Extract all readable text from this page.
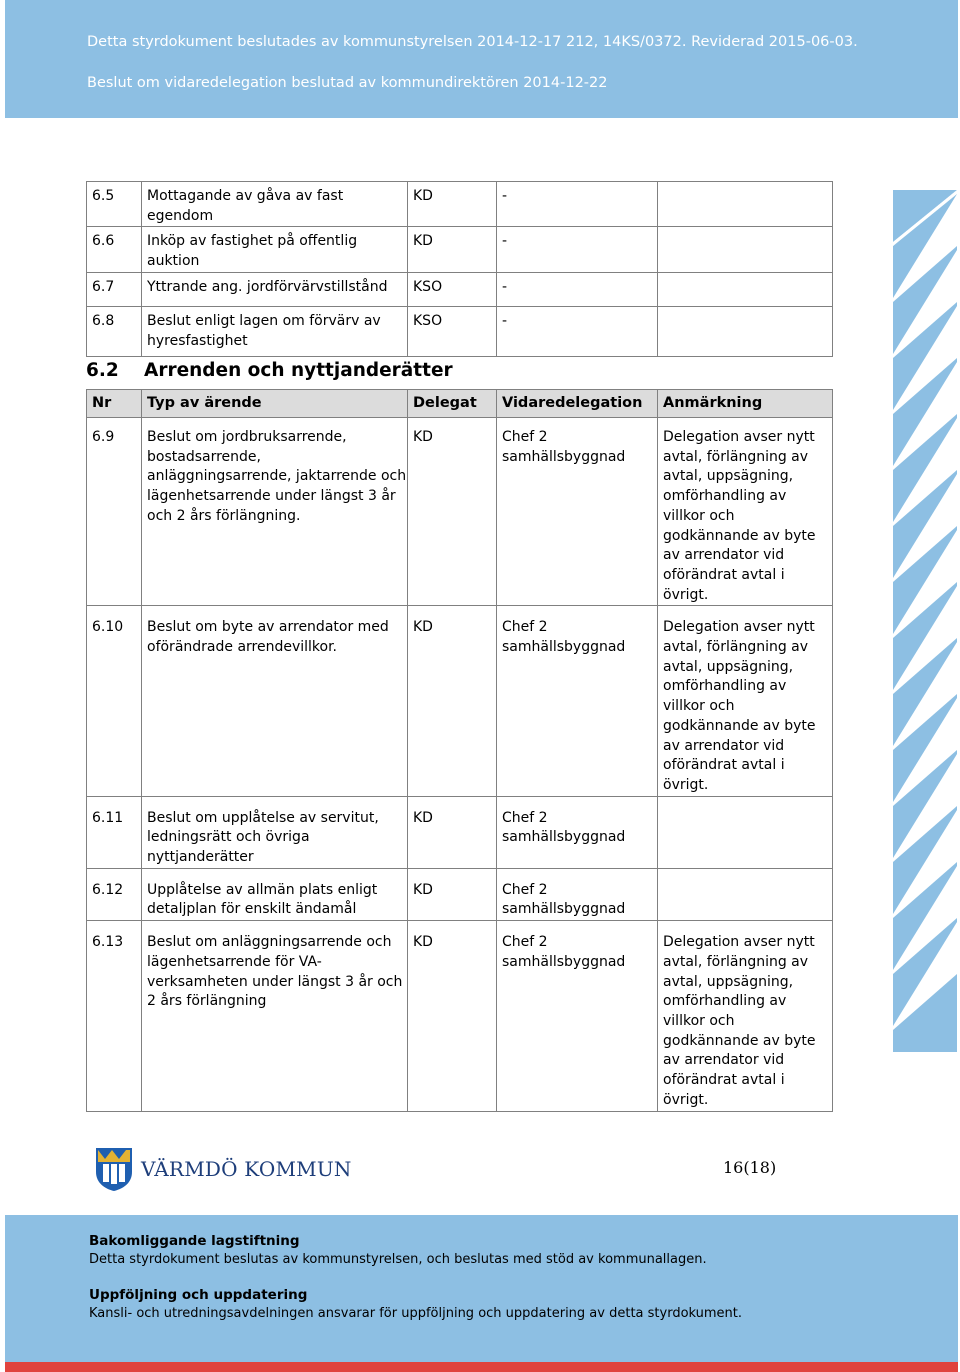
Detta styrdokument beslutades av kommunstyrelsen 2014-12-17 212, 14KS/0372. Reviderad 2015-06-03.
Beslut om vidaredelegation beslutad av kommundirektören 2014-12-22
6.5	Mottagande av gåva av fast egendom	KD	-	
6.6	Inköp av fastighet på offentlig auktion	KD	-	
6.7	Yttrande ang. jordförvärvstillstånd	KSO	-	
6.8	Beslut enligt lagen om förvärv av hyresfastighet	KSO	-	
6.2 Arrenden och nyttjanderätter
Nr	Typ av ärende	Delegat	Vidaredelegation	Anmärkning
6.9	Beslut om jordbruksarrende, bostadsarrende, anläggningsarrende, jaktarrende och lägenhetsarrende under längst 3 år och 2 års förlängning.	KD	Chef 2 samhällsbyggnad	Delegation avser nytt avtal, förlängning av avtal, uppsägning, omförhandling av villkor och godkännande av byte av arrendator vid oförändrat avtal i övrigt.
6.10	Beslut om byte av arrendator med oförändrade arrendevillkor.	KD	Chef 2 samhällsbyggnad	Delegation avser nytt avtal, förlängning av avtal, uppsägning, omförhandling av villkor och godkännande av byte av arrendator vid oförändrat avtal i övrigt.
6.11	Beslut om upplåtelse av servitut, ledningsrätt och övriga nyttjanderätter	KD	Chef 2 samhällsbyggnad	
6.12	Upplåtelse av allmän plats enligt detaljplan för enskilt ändamål	KD	Chef 2 samhällsbyggnad	
6.13	Beslut om anläggningsarrende och lägenhetsarrende för VA-verksamheten under längst 3 år och 2 års förlängning	KD	Chef 2 samhällsbyggnad	Delegation avser nytt avtal, förlängning av avtal, uppsägning, omförhandling av villkor och godkännande av byte av arrendator vid oförändrat avtal i övrigt.
VÄRMDÖ KOMMUN	16(18)
Bakomliggande lagstiftning
Detta styrdokument beslutas av kommunstyrelsen, och beslutas med stöd av kommunallagen.
Uppföljning och uppdatering
Kansli- och utredningsavdelningen ansvarar för uppföljning och uppdatering av detta styrdokument.
